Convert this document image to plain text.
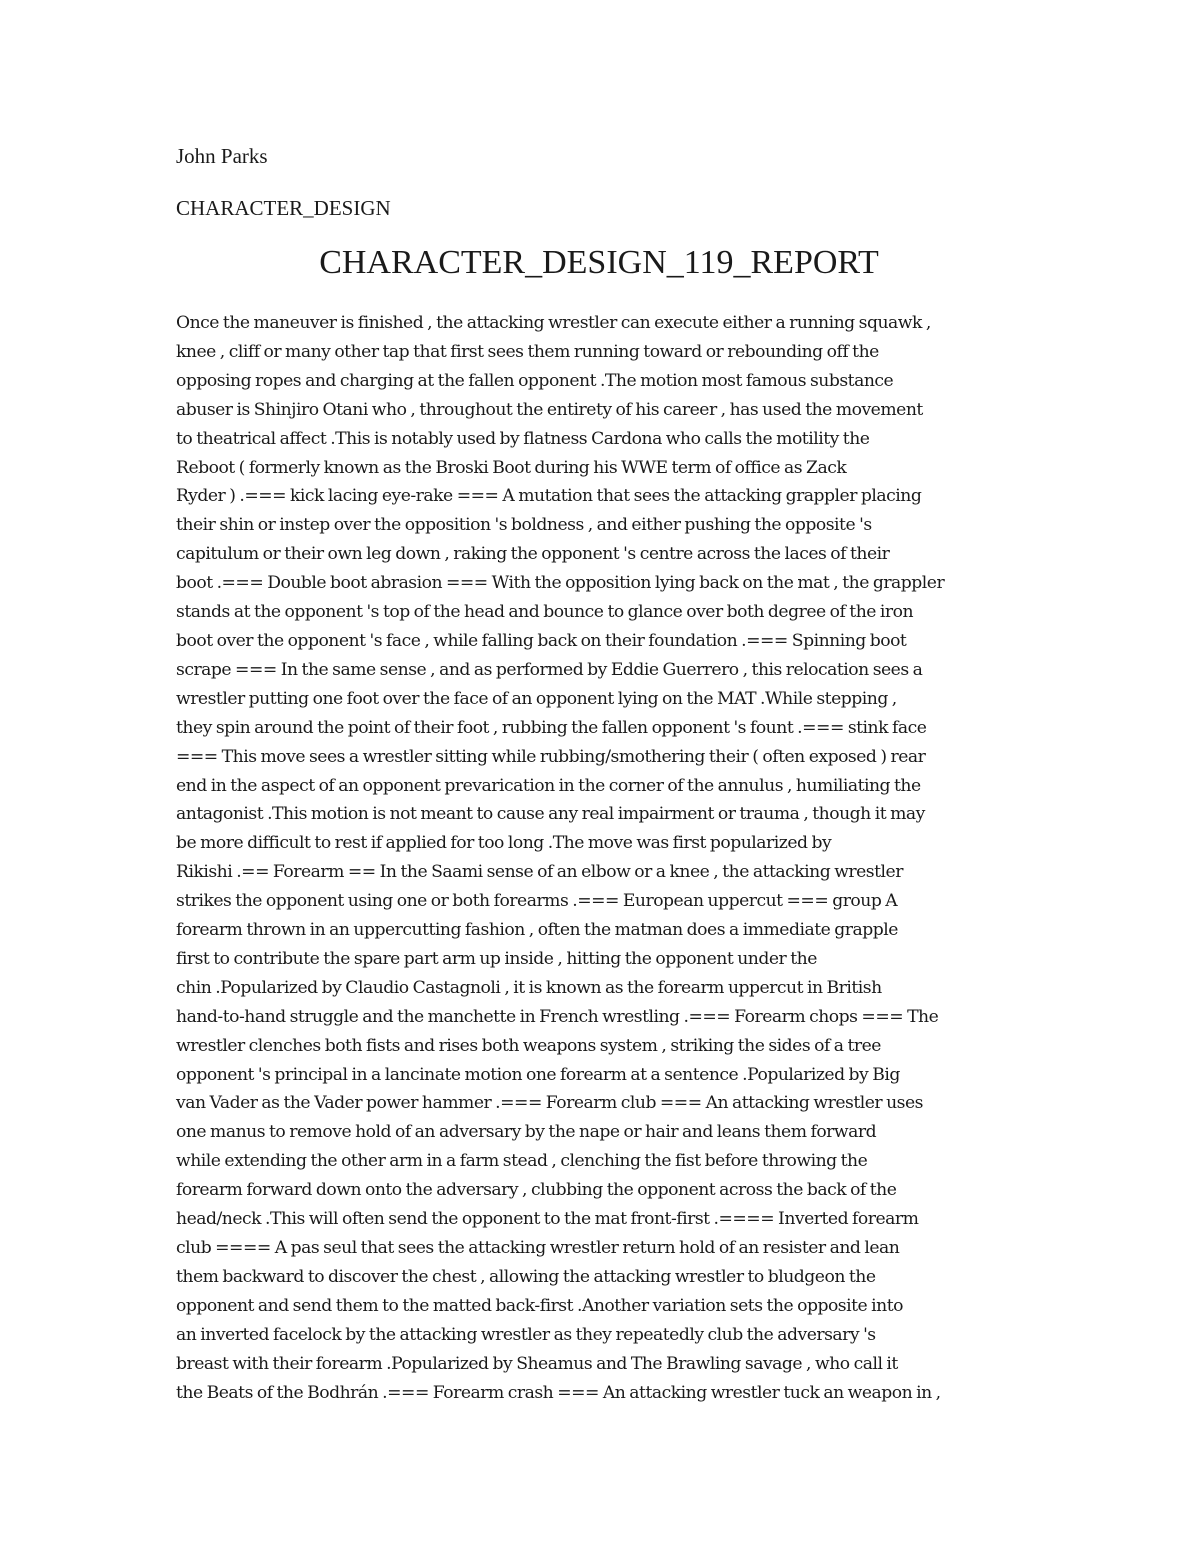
John Parks

CHARACTER_DESIGN

CHARACTER_DESIGN_119_REPORT
Once the maneuver is finished , the attacking wrestler can execute either a running squawk ,
knee , cliff or many other tap that first sees them running toward or rebounding off the
opposing ropes and charging at the fallen opponent .The motion most famous substance
abuser is Shinjiro Otani who , throughout the entirety of his career , has used the movement
to theatrical affect .This is notably used by flatness Cardona who calls the motility the
Reboot ( formerly known as the Broski Boot during his WWE term of office as Zack
Ryder ) .=== kick lacing eye-rake === A mutation that sees the attacking grappler placing
their shin or instep over the opposition 's boldness , and either pushing the opposite 's
capitulum or their own leg down , raking the opponent 's centre across the laces of their
boot .=== Double boot abrasion === With the opposition lying back on the mat , the grappler
stands at the opponent 's top of the head and bounce to glance over both degree of the iron
boot over the opponent 's face , while falling back on their foundation .=== Spinning boot
scrape === In the same sense , and as performed by Eddie Guerrero , this relocation sees a
wrestler putting one foot over the face of an opponent lying on the MAT .While stepping ,
they spin around the point of their foot , rubbing the fallen opponent 's fount .=== stink face
=== This move sees a wrestler sitting while rubbing/smothering their ( often exposed ) rear
end in the aspect of an opponent prevarication in the corner of the annulus , humiliating the
antagonist .This motion is not meant to cause any real impairment or trauma , though it may
be more difficult to rest if applied for too long .The move was first popularized by
Rikishi .== Forearm == In the Saami sense of an elbow or a knee , the attacking wrestler
strikes the opponent using one or both forearms .=== European uppercut === group A
forearm thrown in an uppercutting fashion , often the matman does a immediate grapple
first to contribute the spare part arm up inside , hitting the opponent under the
chin .Popularized by Claudio Castagnoli , it is known as the forearm uppercut in British
hand-to-hand struggle and the manchette in French wrestling .=== Forearm chops === The
wrestler clenches both fists and rises both weapons system , striking the sides of a tree
opponent 's principal in a lancinate motion one forearm at a sentence .Popularized by Big
van Vader as the Vader power hammer .=== Forearm club === An attacking wrestler uses
one manus to remove hold of an adversary by the nape or hair and leans them forward
while extending the other arm in a farm stead , clenching the fist before throwing the
forearm forward down onto the adversary , clubbing the opponent across the back of the
head/neck .This will often send the opponent to the mat front-first .==== Inverted forearm
club ==== A pas seul that sees the attacking wrestler return hold of an resister and lean
them backward to discover the chest , allowing the attacking wrestler to bludgeon the
opponent and send them to the matted back-first .Another variation sets the opposite into
an inverted facelock by the attacking wrestler as they repeatedly club the adversary 's
breast with their forearm .Popularized by Sheamus and The Brawling savage , who call it
the Beats of the Bodhrán .=== Forearm crash === An attacking wrestler tuck an weapon in ,
